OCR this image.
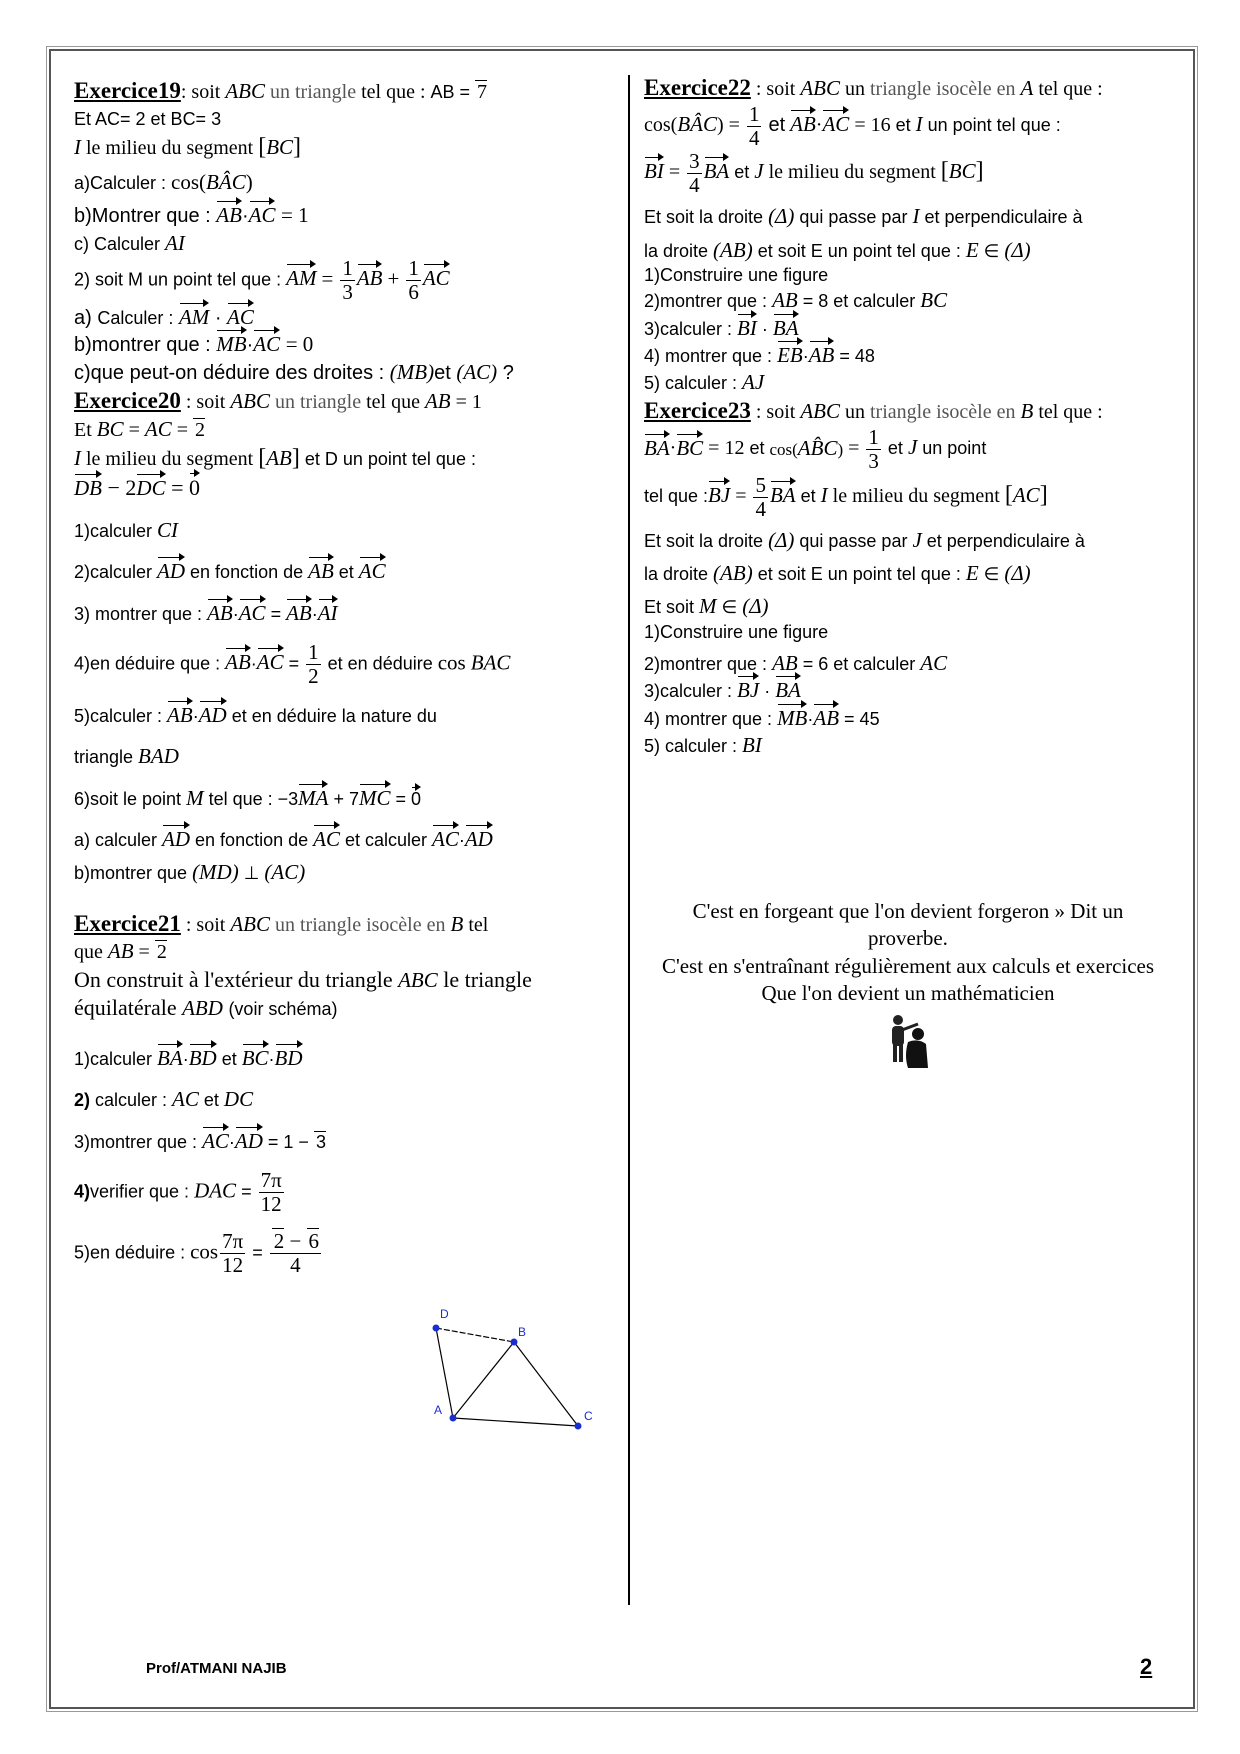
Exercice19: soit ABC un triangle tel que : AB = 7

Et AC= 2 et BC= 3

I le milieu du segment [BC]

a)Calculer : cos(BÂC)

b)Montrer que : AB·AC = 1

c) Calculer AI

2) soit M un point tel que : AM = $\frac{1}{3}$ AB + $\frac{1}{6}$ AC

a) Calculer : AM · AC

b)montrer que : MB·AC = 0

c)que peut-on déduire des droites : (MB)et (AC) ?

Exercice20 : soit ABC un triangle tel que AB = 1

Et BC = AC = 2

I le milieu du segment [AB] et D un point tel que :

DB − 2DC = 0

1)calculer CI

2)calculer AD en fonction de AB et AC

3) montrer que : AB·AC = AB·AI

4)en déduire que : $AB\cdot AC = \frac{1}{2}$ et en déduire cos BAC

5)calculer : AB·AD et en déduire la nature du

triangle BAD

6)soit le point M tel que : −3MA + 7MC = 0

a) calculer AD en fonction de AC et calculer AC·AD

b)montrer que (MD) ⊥ (AC)

Exercice21 : soit ABC un triangle isocèle en B tel

que AB = 2

On construit à l'extérieur du triangle ABC le triangle

équilatérale ABD (voir schéma)

1)calculer BA·BD et BC·BD

2) calculer : AC et DC

3)montrer que : AC·AD = 1 − 3

4)verifier que : DAC = $\frac{7\pi}{12}$

5)en déduire : $\cos \frac{7\pi}{12} = \frac{2 - 6}{4}$

D
B
A	C

Exercice22 : soit ABC un triangle isocèle en A tel que :

cos(BÂC) = $\frac{1}{4}$ et AB·AC = 16 et I un point tel que :

BI = $\frac{3}{4}$ BA et J le milieu du segment [BC]

Et soit la droite (Δ) qui passe par I et perpendiculaire à

la droite (AB) et soit E un point tel que : E ∈ (Δ)

1)Construire une figure

2)montrer que : AB = 8 et calculer BC

3)calculer : BI · BA

4) montrer que : EB·AB = 48

5) calculer : AJ

Exercice23 : soit ABC un triangle isocèle en B tel que :

BA·BC = 12 et cos(AB̂C) = $\frac{1}{3}$ et J un point

tel que :BJ = $\frac{5}{4}$ BA et I le milieu du segment [AC]

Et soit la droite (Δ) qui passe par J et perpendiculaire à

la droite (AB) et soit E un point tel que : E ∈ (Δ)

Et soit M ∈ (Δ)

1)Construire une figure

2)montrer que : AB = 6 et calculer AC

3)calculer : BJ · BA

4) montrer que : MB·AB = 45

5) calculer : BI

C'est en forgeant que l'on devient forgeron » Dit un
proverbe.
C'est en s'entraînant régulièrement aux calculs et exercices
Que l'on devient un mathématicien
Prof/ATMANI NAJIB	2
